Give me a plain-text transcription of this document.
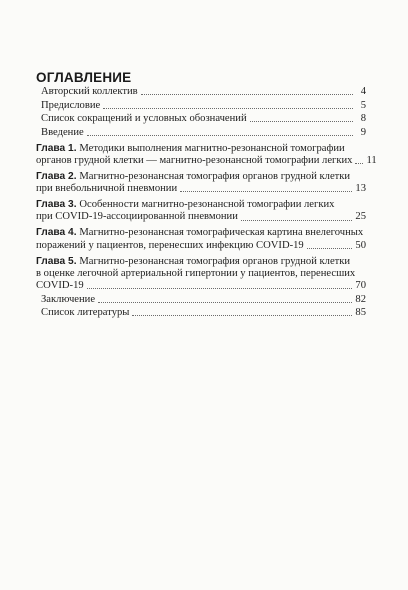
ОГЛАВЛЕНИЕ
Авторский коллектив	4
Предисловие	5
Список сокращений и условных обозначений	8
Введение	9
Глава 1. Методики выполнения магнитно-резонансной томографии
органов грудной клетки — магнитно-резонансной томографии легких 11
Глава 2. Магнитно-резонансная томография органов грудной клетки
при внебольничной пневмонии	13
Глава 3. Особенности магнитно-резонансной томографии легких
при COVID-19-ассоциированной пневмонии	25
Глава 4. Магнитно-резонансная томографическая картина внелегочных
поражений у пациентов, перенесших инфекцию COVID-19	50
Глава 5. Магнитно-резонансная томография органов грудной клетки
в оценке легочной артериальной гипертонии у пациентов, перенесших
COVID-19	70
Заключение	82
Список литературы	85
